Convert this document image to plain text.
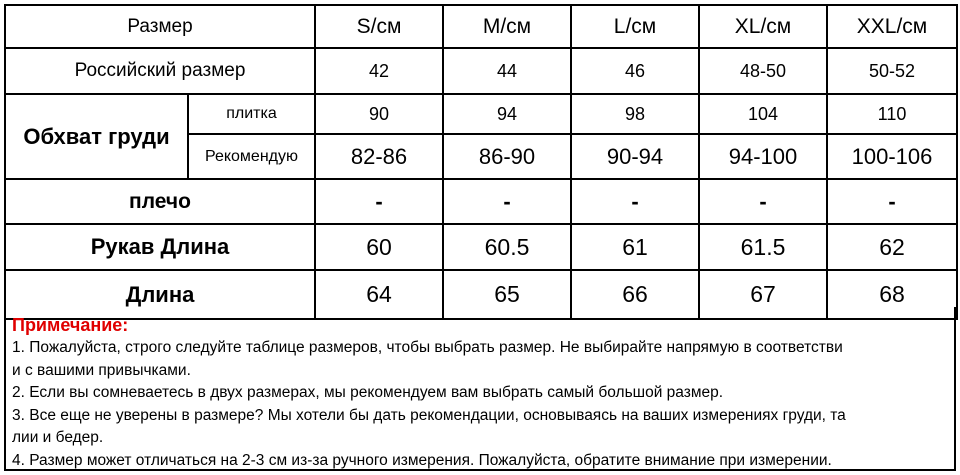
Размер		S/см	M/см	L/см	XL/см	XXL/см
Российский размер		42	44	46	48-50	50-52
Обхват груди	плитка	90	94	98	104	110
	Рекомендую	82-86	86-90	90-94	94-100	100-106
плечо		-	-	-	-	-
Рукав Длина		60	60.5	61	61.5	62
Длина		64	65	66	67	68
Примечание:
1. Пожалуйста, строго следуйте таблице размеров, чтобы выбрать размер. Не выбирайте напрямую в соответстви
и с вашими привычками.
2. Если вы сомневаетесь в двух размерах, мы рекомендуем вам выбрать самый большой размер.
3. Все еще не уверены в размере? Мы хотели бы дать рекомендации, основываясь на ваших измерениях груди, та
лии и бедер.
4. Размер может отличаться на 2-3 см из-за ручного измерения. Пожалуйста, обратите внимание при измерении.
